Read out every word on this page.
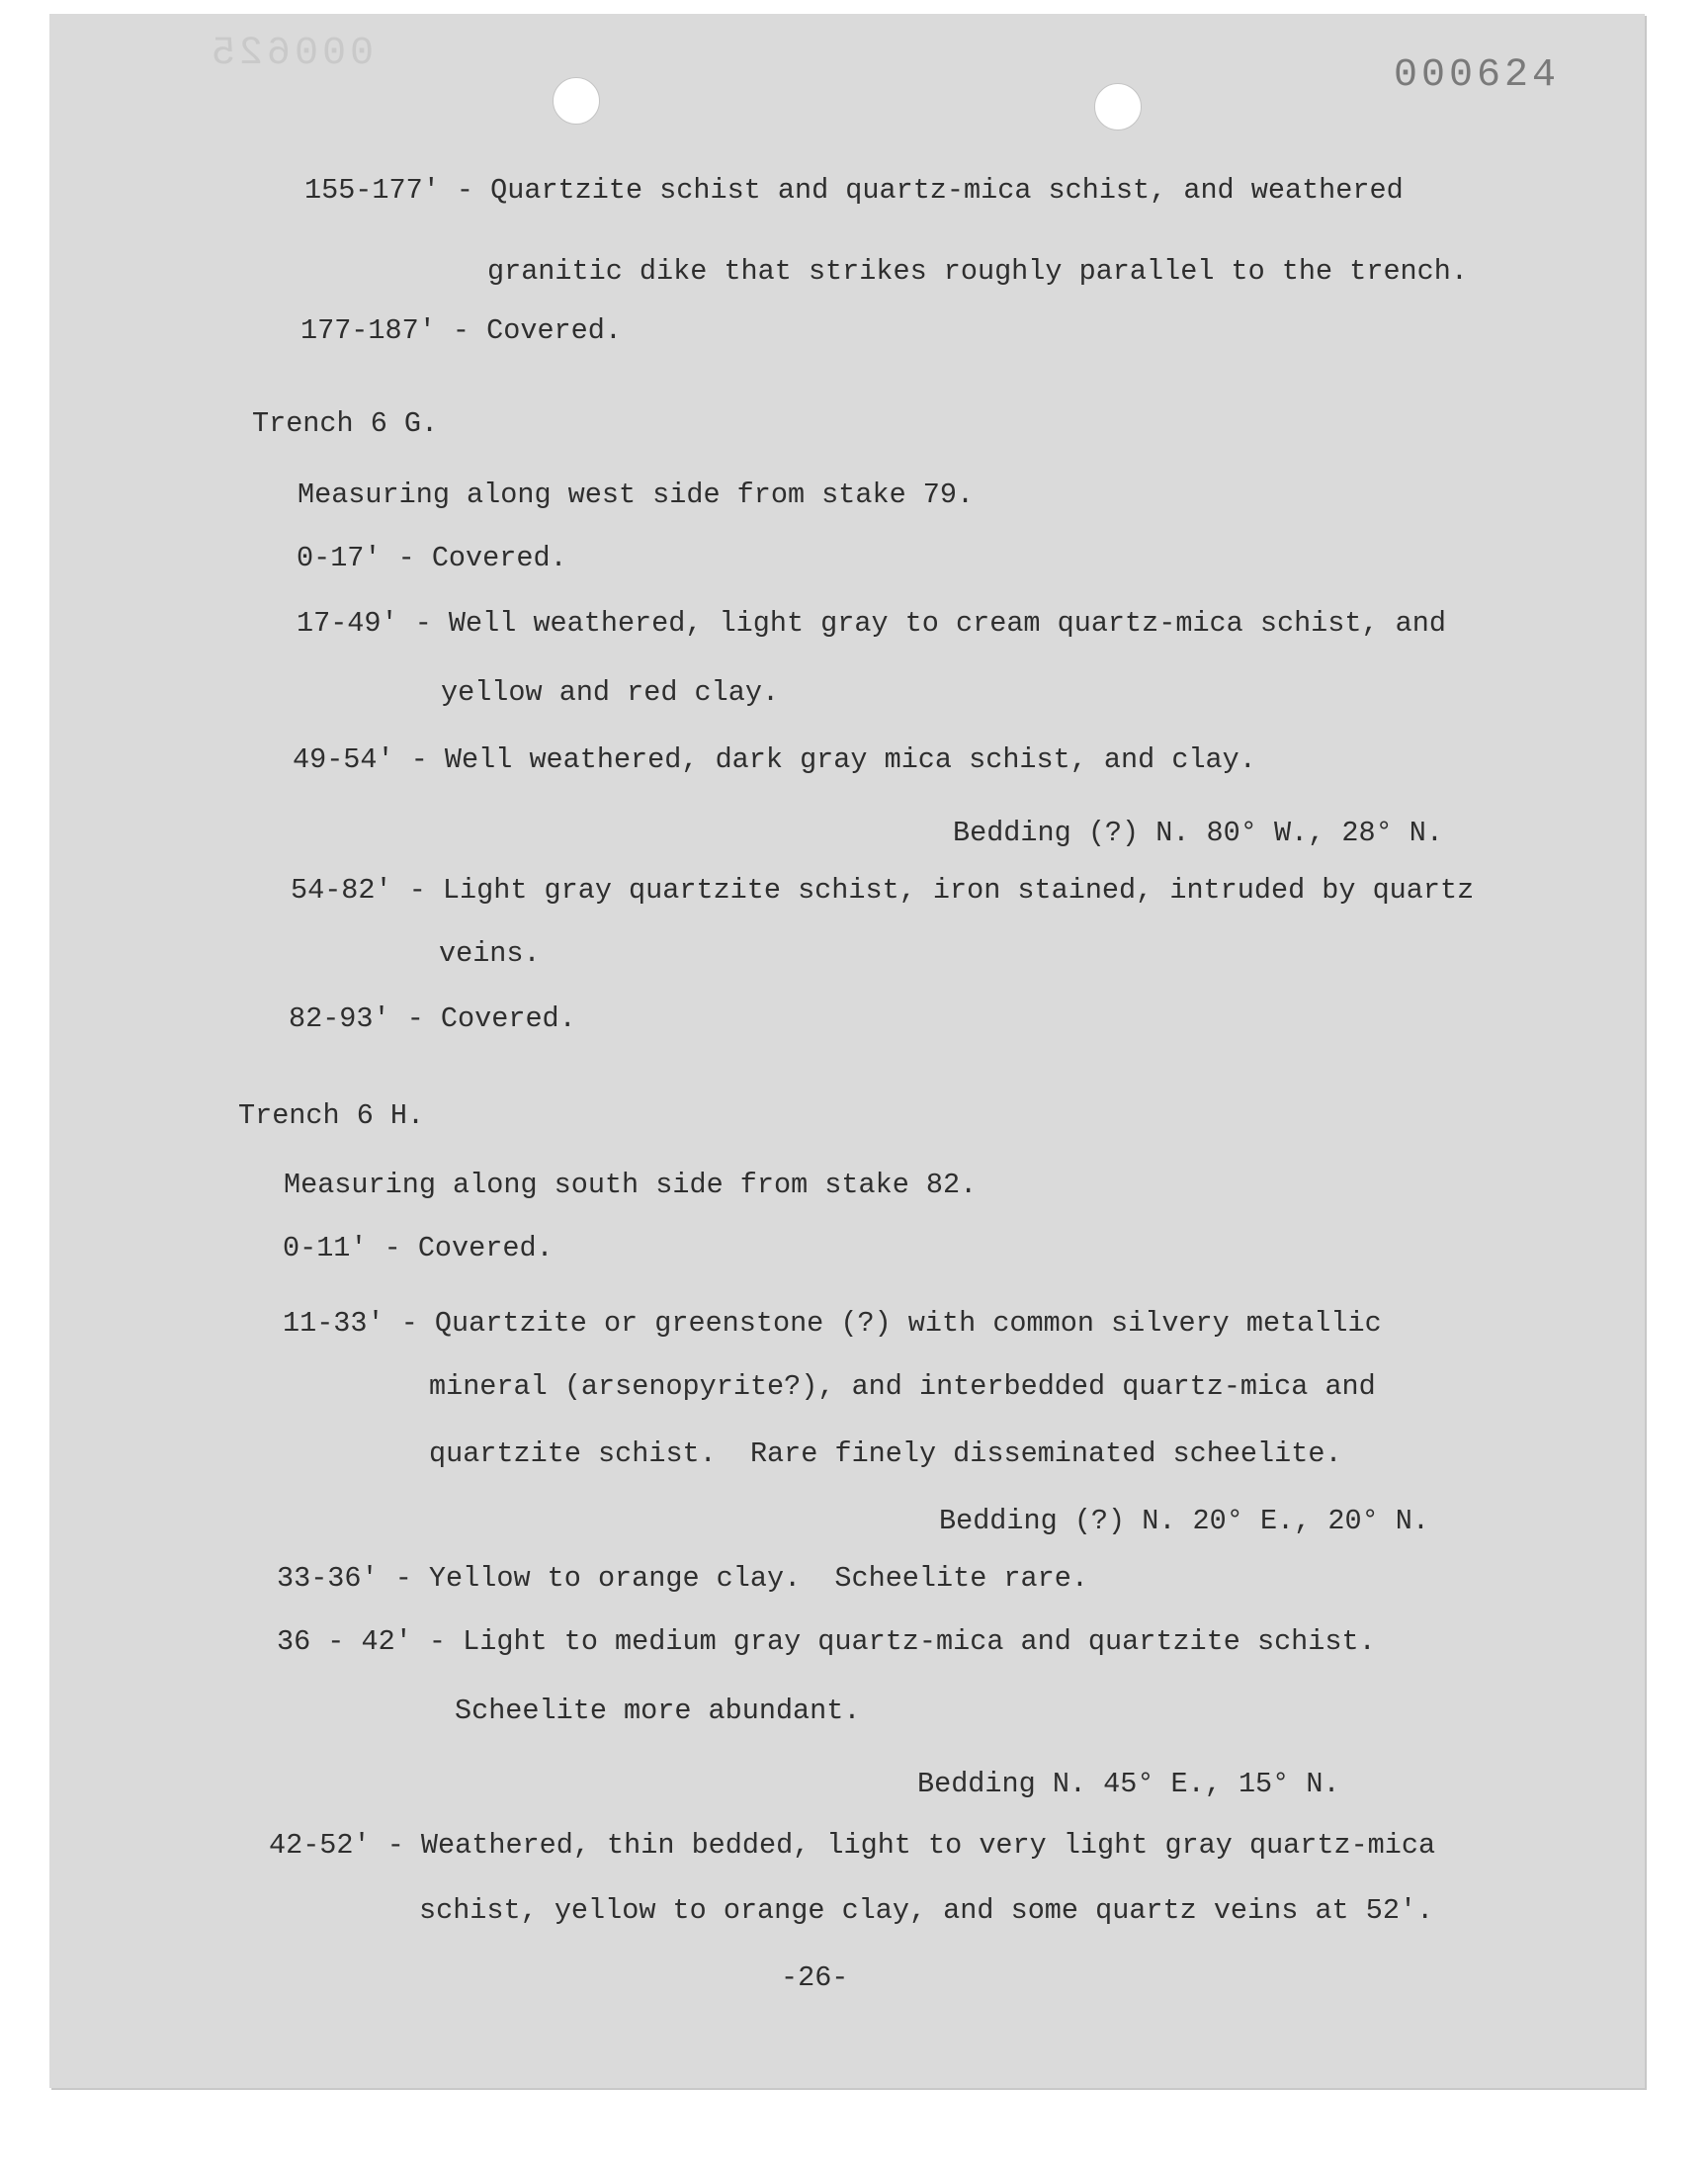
000625	000624
155-177' - Quartzite schist and quartz-mica schist, and weathered
granitic dike that strikes roughly parallel to the trench.
177-187' - Covered.
Trench 6 G.
Measuring along west side from stake 79.
0-17' - Covered.
17-49' - Well weathered, light gray to cream quartz-mica schist, and
yellow and red clay.
49-54' - Well weathered, dark gray mica schist, and clay.
Bedding (?) N. 80° W., 28° N.
54-82' - Light gray quartzite schist, iron stained, intruded by quartz
veins.
82-93' - Covered.
Trench 6 H.
Measuring along south side from stake 82.
0-11' - Covered.
11-33' - Quartzite or greenstone (?) with common silvery metallic
mineral (arsenopyrite?), and interbedded quartz-mica and
quartzite schist.  Rare finely disseminated scheelite.
Bedding (?) N. 20° E., 20° N.
33-36' - Yellow to orange clay.  Scheelite rare.
36 - 42' - Light to medium gray quartz-mica and quartzite schist.
Scheelite more abundant.
Bedding N. 45° E., 15° N.
42-52' - Weathered, thin bedded, light to very light gray quartz-mica
schist, yellow to orange clay, and some quartz veins at 52'.
-26-
